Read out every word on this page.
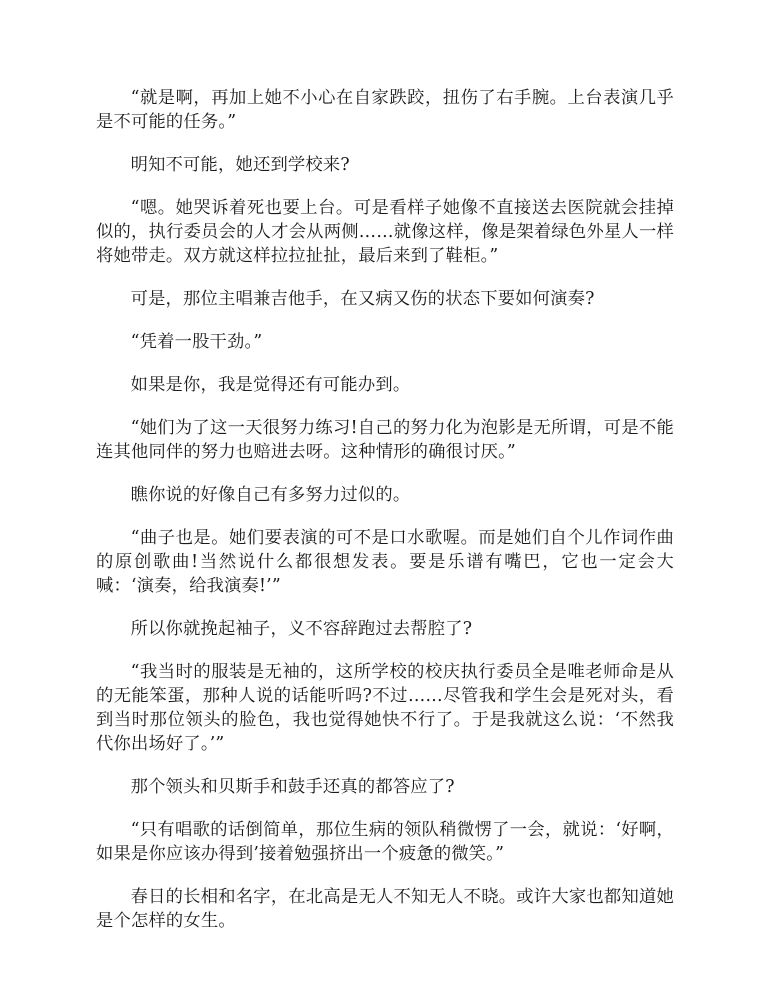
“就是啊，再加上她不小心在自家跌跤，扭伤了右手腕。上台表演几乎是不可能的任务。”

明知不可能，她还到学校来?

“嗯。她哭诉着死也要上台。可是看样子她像不直接送去医院就会挂掉似的，执行委员会的人才会从两侧……就像这样，像是架着绿色外星人一样将她带走。双方就这样拉拉扯扯，最后来到了鞋柜。”

可是，那位主唱兼吉他手，在又病又伤的状态下要如何演奏?

“凭着一股干劲。”

如果是你，我是觉得还有可能办到。

“她们为了这一天很努力练习!自己的努力化为泡影是无所谓，可是不能连其他同伴的努力也赔进去呀。这种情形的确很讨厌。”

瞧你说的好像自己有多努力过似的。

“曲子也是。她们要表演的可不是口水歌喔。而是她们自个儿作词作曲的原创歌曲!当然说什么都很想发表。要是乐谱有嘴巴，它也一定会大喊：‘演奏，给我演奏!’”

所以你就挽起袖子，义不容辞跑过去帮腔了?

“我当时的服装是无袖的，这所学校的校庆执行委员全是唯老师命是从的无能笨蛋，那种人说的话能听吗?不过……尽管我和学生会是死对头，看到当时那位领头的脸色，我也觉得她快不行了。于是我就这么说：‘不然我代你出场好了。’”

那个领头和贝斯手和鼓手还真的都答应了?

“只有唱歌的话倒简单，那位生病的领队稍微愣了一会，就说：‘好啊，如果是你应该办得到’接着勉强挤出一个疲惫的微笑。”

春日的长相和名字，在北高是无人不知无人不晓。或许大家也都知道她是个怎样的女生。
